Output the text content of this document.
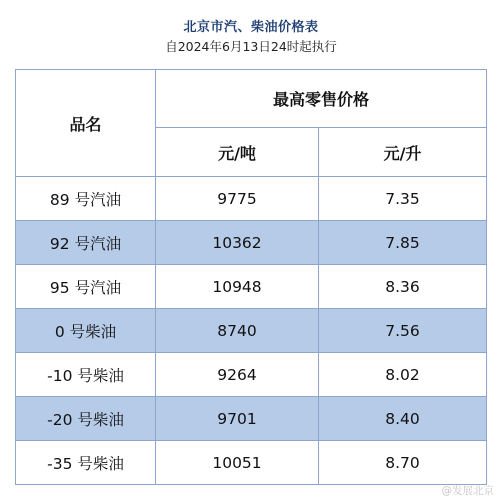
北京市汽、柴油价格表
自2024年6月13日24时起执行
品名	最高零售价格	
	元/吨	元/升
89 号汽油	9775	7.35
92 号汽油	10362	7.85
95 号汽油	10948	8.36
0 号柴油	8740	7.56
-10 号柴油	9264	8.02
-20 号柴油	9701	8.40
-35 号柴油	10051	8.70
@发展北京
